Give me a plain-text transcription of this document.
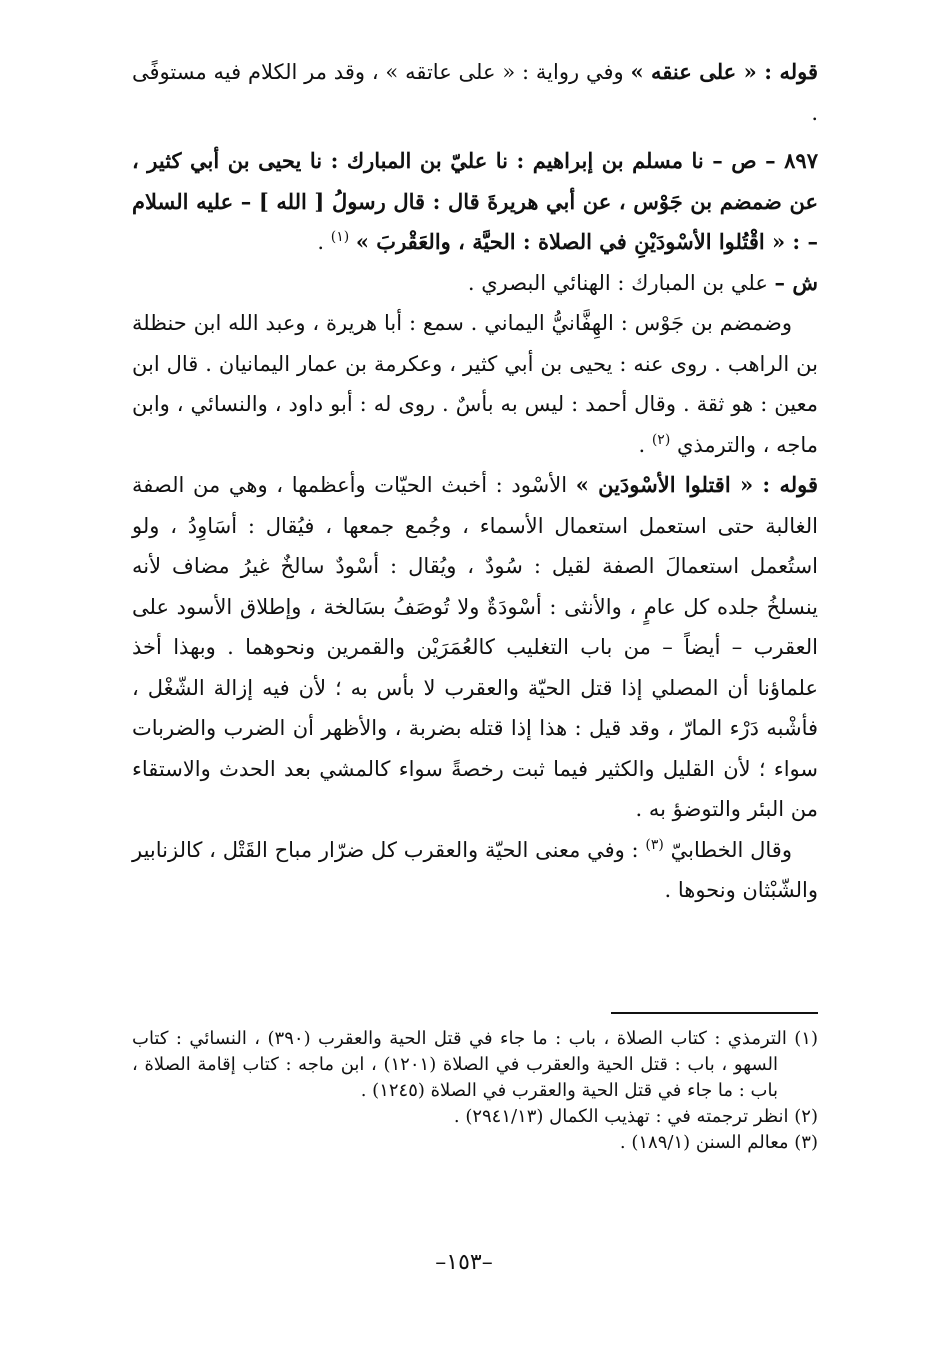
قوله : « على عنقه » وفي رواية : « على عاتقه » ، وقد مر الكلام فيه مستوفًى .

٨٩٧ – ص – نا مسلم بن إبراهيم : نا عليّ بن المبارك : نا يحيى بن أبي كثير ، عن ضمضم بن جَوْس ، عن أبي هريرةَ قال : قال رسولُ [ الله ] – عليه السلام – : « اقْتُلوا الأسْودَيْنِ في الصلاة : الحيَّة ، والعَقْربَ » $^{(١)}$ .

ش – علي بن المبارك : الهنائي البصري .

وضمضم بن جَوْس : الهِفَّانيُّ اليماني . سمع : أبا هريرة ، وعبد الله ابن حنظلة بن الراهب . روى عنه : يحيى بن أبي كثير ، وعكرمة بن عمار اليمانيان . قال ابن معين : هو ثقة . وقال أحمد : ليس به بأسٌ . روى له : أبو داود ، والنسائي ، وابن ماجه ، والترمذي $^{(٢)}$ .

قوله : « اقتلوا الأسْودَين » الأسْود : أخبث الحيّات وأعظمها ، وهي من الصفة الغالبة حتى استعمل استعمال الأسماء ، وجُمع جمعها ، فيُقال : أسَاوِدُ ، ولو استُعمل استعمالَ الصفة لقيل : سُودٌ ، ويُقال : أسْودٌ سالخٌ غيرُ مضاف لأنه ينسلخُ جلده كل عامٍ ، والأنثى : أسْودَةٌ ولا تُوصَفُ بسَالخة ، وإطلاق الأسود على العقرب – أيضاً – من باب التغليب كالعُمَرَيْن والقمرين ونحوهما . وبهذا أخذ علماؤنا أن المصلي إذا قتل الحيّة والعقرب لا بأس به ؛ لأن فيه إزالة الشّغْل ، فأشْبه دَرْء المارّ ، وقد قيل : هذا إذا قتله بضربة ، والأظهر أن الضرب والضربات سواء ؛ لأن القليل والكثير فيما ثبت رخصةً سواء كالمشي بعد الحدث والاستقاء من البئر والتوضؤ به .

وقال الخطابيّ $^{(٣)}$ : وفي معنى الحيّة والعقرب كل ضرّار مباح القَتْل ، كالزنابير والشّبْثان ونحوها .

(١) الترمذي : كتاب الصلاة ، باب : ما جاء في قتل الحية والعقرب (٣٩٠) ، النسائي : كتاب السهو ، باب : قتل الحية والعقرب في الصلاة (١٢٠١) ، ابن ماجه : كتاب إقامة الصلاة ، باب : ما جاء في قتل الحية والعقرب في الصلاة (١٢٤٥) .

(٢) انظر ترجمته في : تهذيب الكمال (٢٩٤١/١٣) .

(٣) معالم السنن (١٨٩/١) .

–١٥٣–
